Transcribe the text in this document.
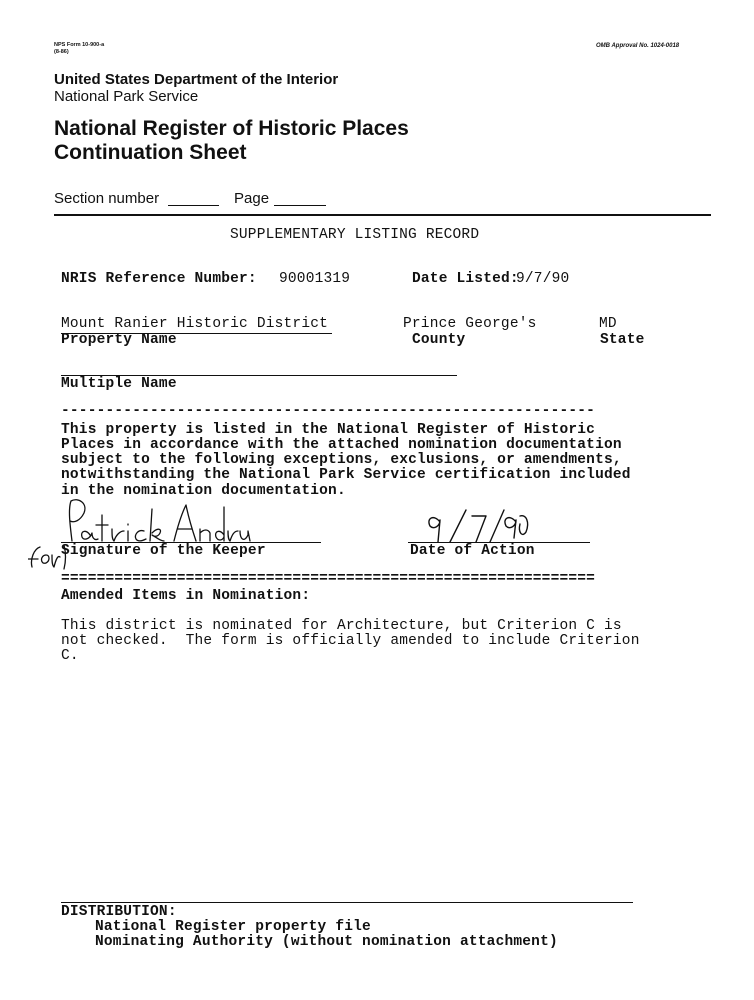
NPS Form 10-900-a
(8-86)
OMB Approval No. 1024-0018
United States Department of the Interior
National Park Service
National Register of Historic Places
Continuation Sheet
Section number	Page
SUPPLEMENTARY LISTING RECORD
NRIS Reference Number: 90001319	Date Listed:
9/7/90
Mount Ranier Historic District
Property Name
Prince George's
County
MD
State
Multiple Name
------------------------------------------------------------
This property is listed in the National Register of Historic
Places in accordance with the attached nomination documentation
subject to the following exceptions, exclusions, or amendments,
notwithstanding the National Park Service certification included
in the nomination documentation.
Signature of the Keeper	Date of Action
============================================================
Amended Items in Nomination:
This district is nominated for Architecture, but Criterion C is
not checked.  The form is officially amended to include Criterion
C.
DISTRIBUTION:
National Register property file
Nominating Authority (without nomination attachment)
